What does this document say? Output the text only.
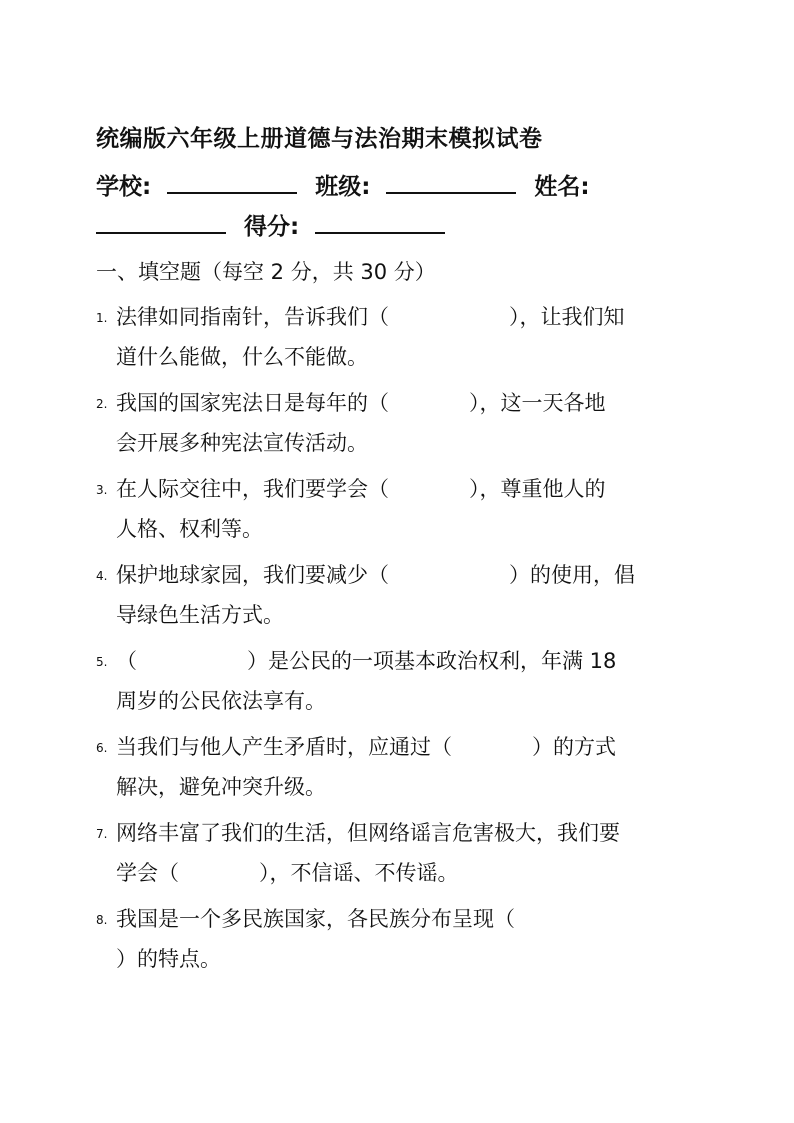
统编版六年级上册道德与法治期末模拟试卷
学校:	班级:	姓名:
得分:
一、填空题（每空 2 分，共 30 分）
1. 法律如同指南针，告诉我们（	），让我们知
道什么能做，什么不能做。
2. 我国的国家宪法日是每年的（	），这一天各地
会开展多种宪法宣传活动。
3. 在人际交往中，我们要学会（	），尊重他人的
人格、权利等。
4. 保护地球家园，我们要减少（	）的使用，倡
导绿色生活方式。
5. （	）是公民的一项基本政治权利，年满 18
周岁的公民依法享有。
6. 当我们与他人产生矛盾时，应通过（	）的方式
解决，避免冲突升级。
7. 网络丰富了我们的生活，但网络谣言危害极大，我们要
学会（	），不信谣、不传谣。
8. 我国是一个多民族国家，各民族分布呈现（
）的特点。
